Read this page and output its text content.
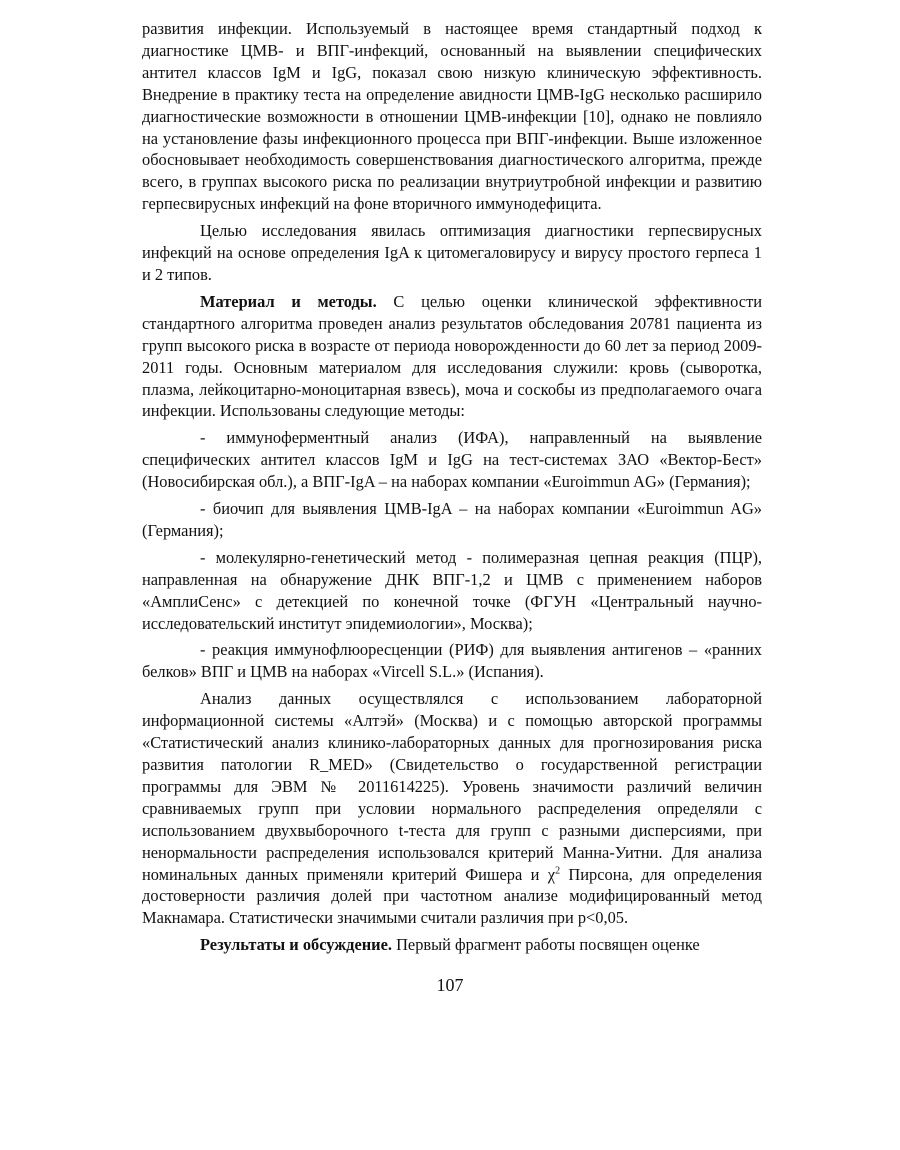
развития инфекции. Используемый в настоящее время стандартный подход к диагностике ЦМВ- и ВПГ-инфекций, основанный на выявлении специфических антител классов IgM и IgG, показал свою низкую клиническую эффективность. Внедрение в практику теста на определение авидности ЦМВ-IgG несколько расширило диагностические возможности в отношении ЦМВ-инфекции [10], однако не повлияло на установление фазы инфекционного процесса при ВПГ-инфекции. Выше изложенное обосновывает необходимость совершенствования диагностического алгоритма, прежде всего, в группах высокого риска по реализации внутриутробной инфекции и развитию герпесвирусных инфекций на фоне вторичного иммунодефицита.

Целью исследования явилась оптимизация диагностики герпесвирусных инфекций на основе определения IgA к цитомегаловирусу и вирусу простого герпеса 1 и 2 типов.

Материал и методы. С целью оценки клинической эффективности стандартного алгоритма проведен анализ результатов обследования 20781 пациента из групп высокого риска в возрасте от периода новорожденности до 60 лет за период 2009-2011 годы. Основным материалом для исследования служили: кровь (сыворотка, плазма, лейкоцитарно-моноцитарная взвесь), моча и соскобы из предполагаемого очага инфекции. Использованы следующие методы:

- иммуноферментный анализ (ИФА), направленный на выявление специфических антител классов IgM и IgG на тест-системах ЗАО «Вектор-Бест» (Новосибирская обл.), а ВПГ-IgA – на наборах компании «Euroimmun AG» (Германия);

- биочип для выявления ЦМВ-IgA – на наборах компании «Euroimmun AG» (Германия);

- молекулярно-генетический метод - полимеразная цепная реакция (ПЦР), направленная на обнаружение ДНК ВПГ-1,2 и ЦМВ с применением наборов «АмплиСенс» с детекцией по конечной точке (ФГУН «Центральный научно-исследовательский институт эпидемиологии», Москва);

- реакция иммунофлюоресценции (РИФ) для выявления антигенов – «ранних белков» ВПГ и ЦМВ на наборах «Vircell S.L.» (Испания).

Анализ данных осуществлялся с использованием лабораторной информационной системы «Алтэй» (Москва) и с помощью авторской программы «Статистический анализ клинико-лабораторных данных для прогнозирования риска развития патологии R_MED» (Свидетельство о государственной регистрации программы для ЭВМ № 2011614225). Уровень значимости различий величин сравниваемых групп при условии нормального распределения определяли с использованием двухвыборочного t-теста для групп с разными дисперсиями, при ненормальности распределения использовался критерий Манна-Уитни. Для анализа номинальных данных применяли критерий Фишера и $\chi^2$ Пирсона, для определения достоверности различия долей при частотном анализе модифицированный метод Макнамара. Статистически значимыми считали различия при p<0,05.

Результаты и обсуждение. Первый фрагмент работы посвящен оценке

107
